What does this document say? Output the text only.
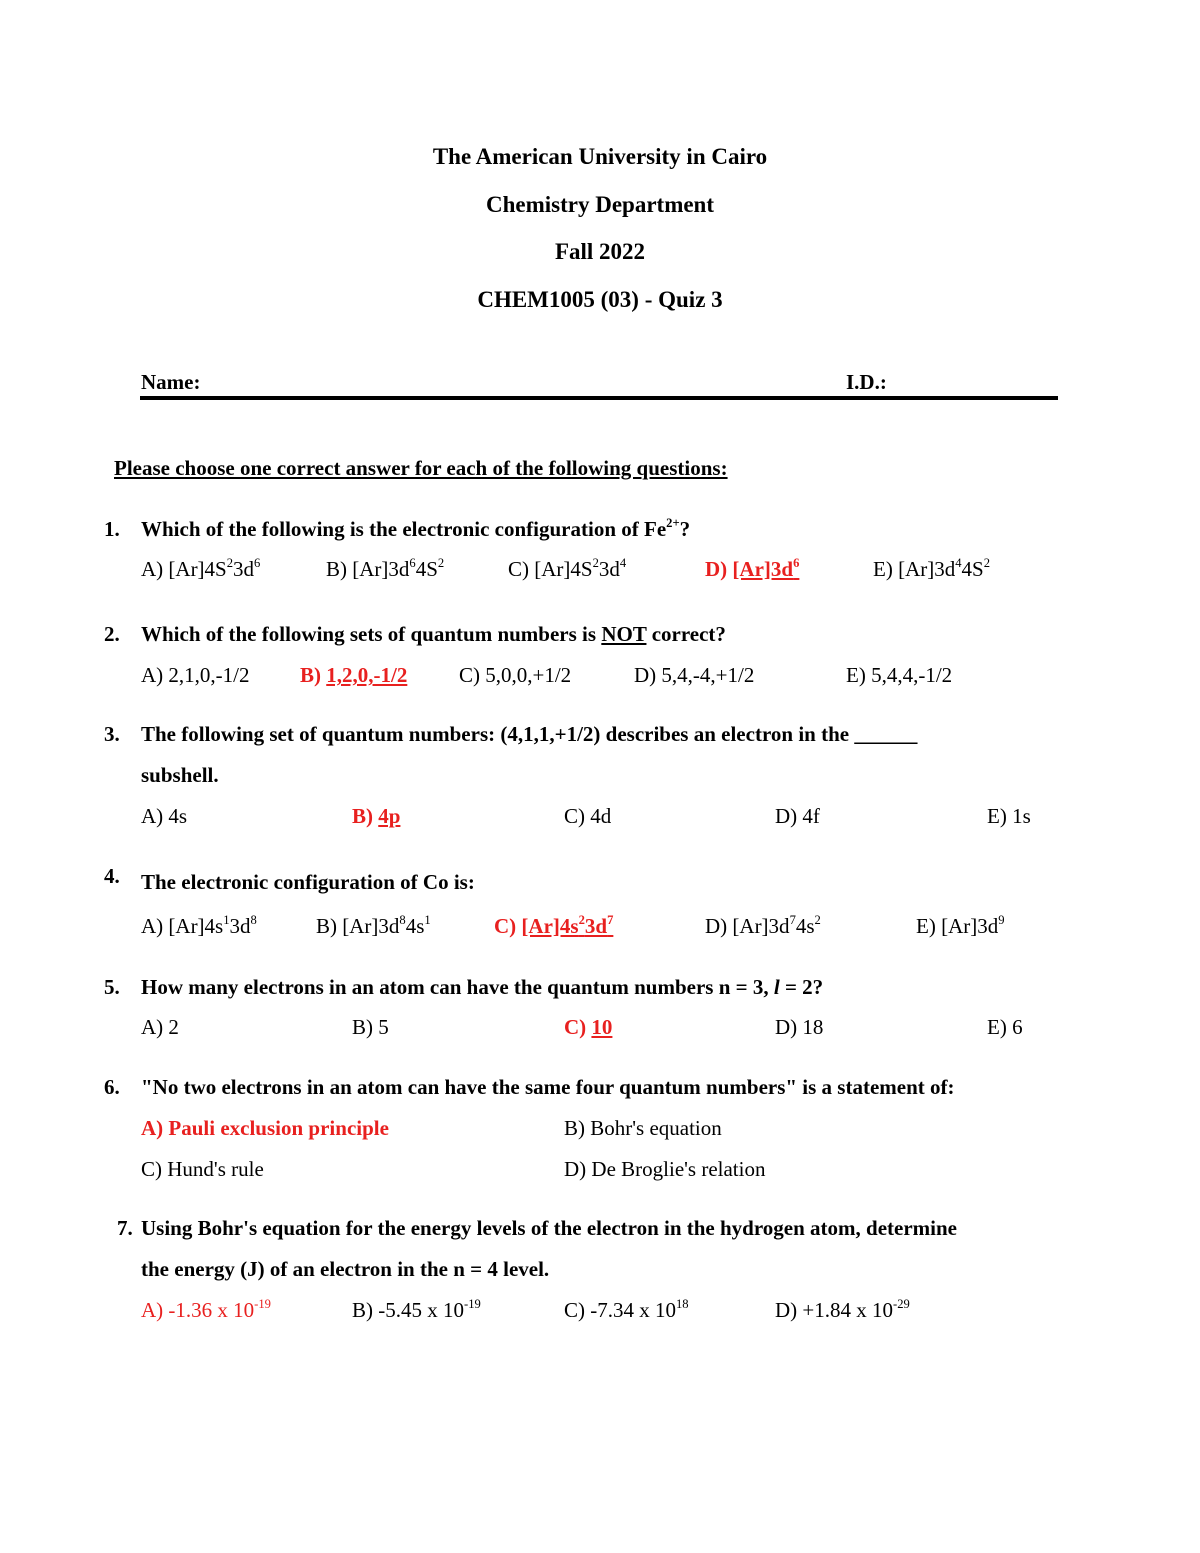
The American University in Cairo
Chemistry Department
Fall 2022
CHEM1005 (03) - Quiz 3
Name:	I.D.:
Please choose one correct answer for each of the following questions:
1. Which of the following is the electronic configuration of $Fe^{2+}$?
A) $[Ar]4S^23d^6$	B) $[Ar]3d^64S^2$	C) $[Ar]4S^23d^4$	D) $[Ar]3d^6$	E) $[Ar]3d^44S^2$
2. Which of the following sets of quantum numbers is NOT correct?
A) 2,1,0,-1/2 B) 1,2,0,-1/2 C) 5,0,0,+1/2	D) 5,4,-4,+1/2	E) 5,4,4,-1/2
3. The following set of quantum numbers: (4,1,1,+1/2) describes an electron in the ______
subshell.
A) 4s	B) 4p	C) 4d	D) 4f	E) 1s
4. The electronic configuration of Co is:
A) $[Ar]4s^13d^8$	B) $[Ar]3d^84s^1$	C) $[Ar]4s^23d^7$	D) $[Ar]3d^74s^2$	E) $[Ar]3d^9$
5. How many electrons in an atom can have the quantum numbers n = 3, l = 2?
A) 2	B) 5	C) 10	D) 18	E) 6
6. "No two electrons in an atom can have the same four quantum numbers" is a statement of:
A) Pauli exclusion principle	B) Bohr's equation
C) Hund's rule	D) De Broglie's relation
7. Using Bohr's equation for the energy levels of the electron in the hydrogen atom, determine
the energy (J) of an electron in the n = 4 level.
A) -1.36 x $10^{-19}$	B) -5.45 x $10^{-19}$	C) -7.34 x $10^{18}$	D) +1.84 x $10^{-29}$
